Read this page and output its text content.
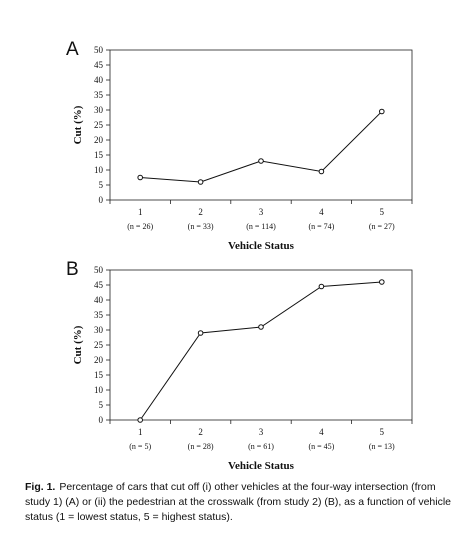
A
0
5
10
15
20
25
30
35
40
45
50
1
(n = 26)
2
(n = 33)
3
(n = 114)
4
(n = 74)
5
(n = 27)
Vehicle Status
Cut (%)
B
0
5
10
15
20
25
30
35
40
45
50
1
(n = 5)
2
(n = 28)
3
(n = 61)
4
(n = 45)
5
(n = 13)
Vehicle Status
Cut (%)
Fig. 1. Percentage of cars that cut off (i) other vehicles at the four-way intersection (from study 1) (A) or (ii) the pedestrian at the crosswalk (from study 2) (B), as a function of vehicle status (1 = lowest status, 5 = highest status).
